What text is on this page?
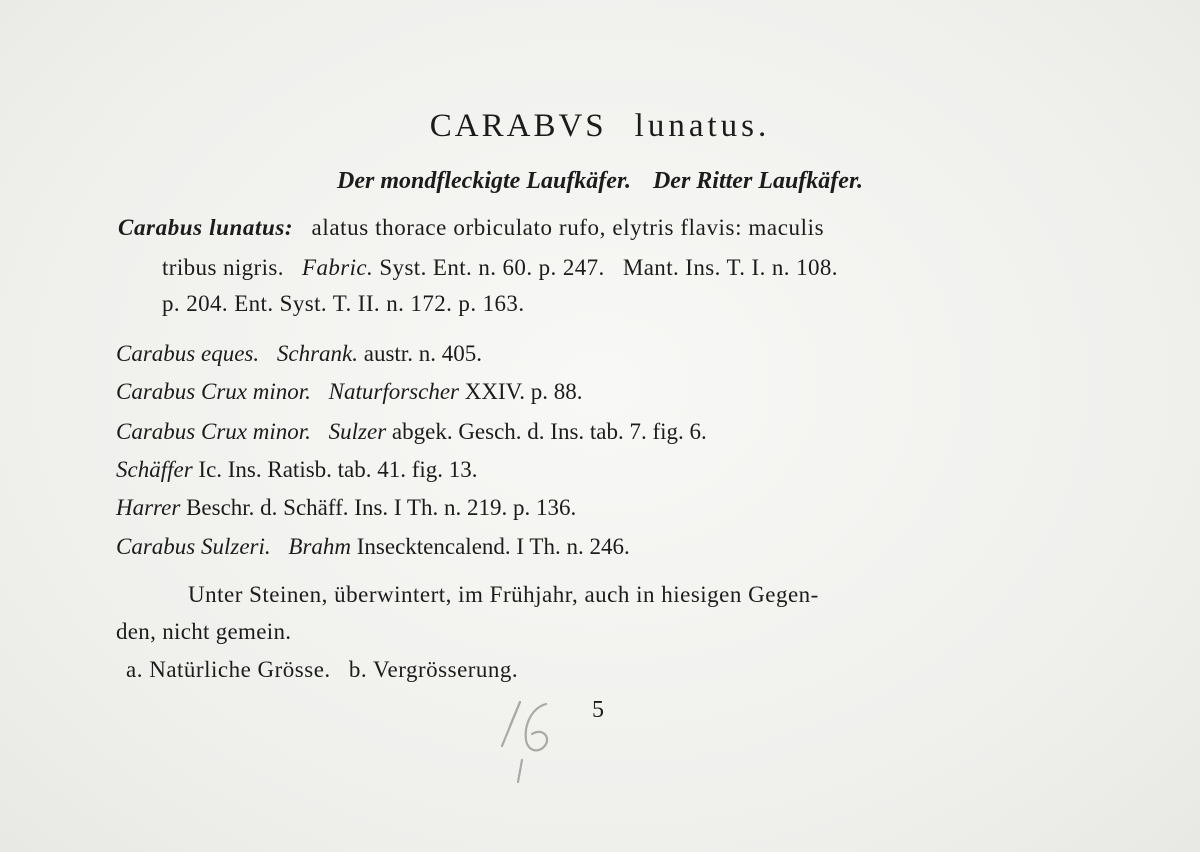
CARABVS lunatus.
Der mondfleckigte Laufkäfer. Der Ritter Laufkäfer.
Carabus lunatus: alatus thorace orbiculato rufo, elytris flavis: maculis
tribus nigris. Fabric. Syst. Ent. n. 60. p. 247. Mant. Ins. T. I. n. 108.
p. 204. Ent. Syst. T. II. n. 172. p. 163.
Carabus eques. Schrank. austr. n. 405.
Carabus Crux minor. Naturforscher XXIV. p. 88.
Carabus Crux minor. Sulzer abgek. Gesch. d. Ins. tab. 7. fig. 6.
Schäffer Ic. Ins. Ratisb. tab. 41. fig. 13.
Harrer Beschr. d. Schäff. Ins. I Th. n. 219. p. 136.
Carabus Sulzeri. Brahm Insecktencalend. I Th. n. 246.
Unter Steinen, überwintert, im Frühjahr, auch in hiesigen Gegen-
den, nicht gemein.
a. Natürliche Grösse. b. Vergrösserung.
5
